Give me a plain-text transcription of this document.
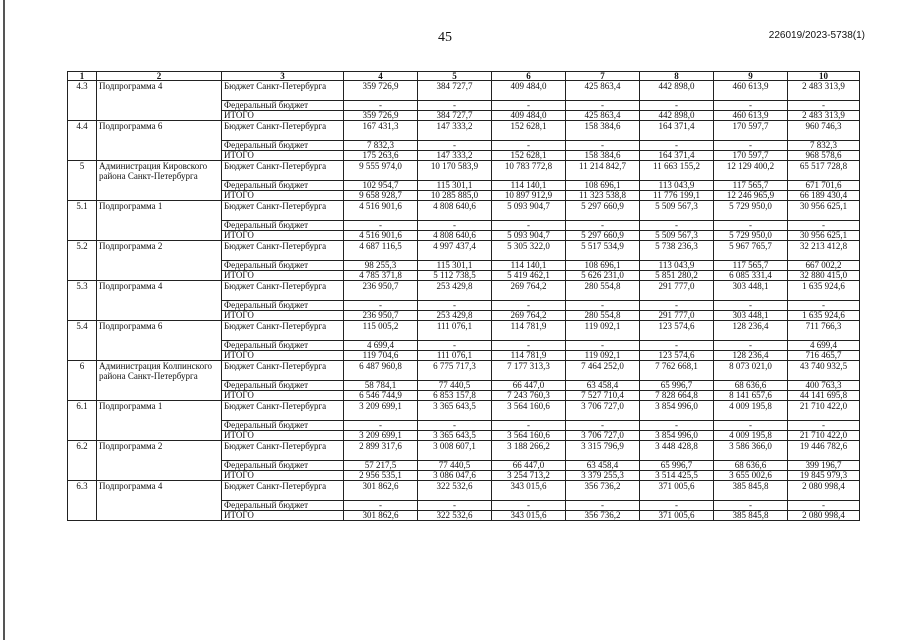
45	226019/2023-5738(1)
1	2	3	4	5	6	7	8	9	10
4.3	Подпрограмма 4	Бюджет Санкт-Петербурга	359 726,9	384 727,7	409 484,0	425 863,4	442 898,0	460 613,9	2 483 313,9
		Федеральный бюджет	-	-	-	-	-	-	-
		ИТОГО	359 726,9	384 727,7	409 484,0	425 863,4	442 898,0	460 613,9	2 483 313,9
4.4	Подпрограмма 6	Бюджет Санкт-Петербурга	167 431,3	147 333,2	152 628,1	158 384,6	164 371,4	170 597,7	960 746,3
		Федеральный бюджет	7 832,3	-	-	-	-	-	7 832,3
		ИТОГО	175 263,6	147 333,2	152 628,1	158 384,6	164 371,4	170 597,7	968 578,6
5	Администрация Кировского района Санкт-Петербурга	Бюджет Санкт-Петербурга	9 555 974,0	10 170 583,9	10 783 772,8	11 214 842,7	11 663 155,2	12 129 400,2	65 517 728,8
		Федеральный бюджет	102 954,7	115 301,1	114 140,1	108 696,1	113 043,9	117 565,7	671 701,6
		ИТОГО	9 658 928,7	10 285 885,0	10 897 912,9	11 323 538,8	11 776 199,1	12 246 965,9	66 189 430,4
5.1	Подпрограмма 1	Бюджет Санкт-Петербурга	4 516 901,6	4 808 640,6	5 093 904,7	5 297 660,9	5 509 567,3	5 729 950,0	30 956 625,1
		Федеральный бюджет	-	-	-	-	-	-	-
		ИТОГО	4 516 901,6	4 808 640,6	5 093 904,7	5 297 660,9	5 509 567,3	5 729 950,0	30 956 625,1
5.2	Подпрограмма 2	Бюджет Санкт-Петербурга	4 687 116,5	4 997 437,4	5 305 322,0	5 517 534,9	5 738 236,3	5 967 765,7	32 213 412,8
		Федеральный бюджет	98 255,3	115 301,1	114 140,1	108 696,1	113 043,9	117 565,7	667 002,2
		ИТОГО	4 785 371,8	5 112 738,5	5 419 462,1	5 626 231,0	5 851 280,2	6 085 331,4	32 880 415,0
5.3	Подпрограмма 4	Бюджет Санкт-Петербурга	236 950,7	253 429,8	269 764,2	280 554,8	291 777,0	303 448,1	1 635 924,6
		Федеральный бюджет	-	-	-	-	-	-	-
		ИТОГО	236 950,7	253 429,8	269 764,2	280 554,8	291 777,0	303 448,1	1 635 924,6
5.4	Подпрограмма 6	Бюджет Санкт-Петербурга	115 005,2	111 076,1	114 781,9	119 092,1	123 574,6	128 236,4	711 766,3
		Федеральный бюджет	4 699,4	-	-	-	-	-	4 699,4
		ИТОГО	119 704,6	111 076,1	114 781,9	119 092,1	123 574,6	128 236,4	716 465,7
6	Администрация Колпинского района Санкт-Петербурга	Бюджет Санкт-Петербурга	6 487 960,8	6 775 717,3	7 177 313,3	7 464 252,0	7 762 668,1	8 073 021,0	43 740 932,5
		Федеральный бюджет	58 784,1	77 440,5	66 447,0	63 458,4	65 996,7	68 636,6	400 763,3
		ИТОГО	6 546 744,9	6 853 157,8	7 243 760,3	7 527 710,4	7 828 664,8	8 141 657,6	44 141 695,8
6.1	Подпрограмма 1	Бюджет Санкт-Петербурга	3 209 699,1	3 365 643,5	3 564 160,6	3 706 727,0	3 854 996,0	4 009 195,8	21 710 422,0
		Федеральный бюджет	-	-	-	-	-	-	-
		ИТОГО	3 209 699,1	3 365 643,5	3 564 160,6	3 706 727,0	3 854 996,0	4 009 195,8	21 710 422,0
6.2	Подпрограмма 2	Бюджет Санкт-Петербурга	2 899 317,6	3 008 607,1	3 188 266,2	3 315 796,9	3 448 428,8	3 586 366,0	19 446 782,6
		Федеральный бюджет	57 217,5	77 440,5	66 447,0	63 458,4	65 996,7	68 636,6	399 196,7
		ИТОГО	2 956 535,1	3 086 047,6	3 254 713,2	3 379 255,3	3 514 425,5	3 655 002,6	19 845 979,3
6.3	Подпрограмма 4	Бюджет Санкт-Петербурга	301 862,6	322 532,6	343 015,6	356 736,2	371 005,6	385 845,8	2 080 998,4
		Федеральный бюджет	-	-	-	-	-	-	-
		ИТОГО	301 862,6	322 532,6	343 015,6	356 736,2	371 005,6	385 845,8	2 080 998,4
